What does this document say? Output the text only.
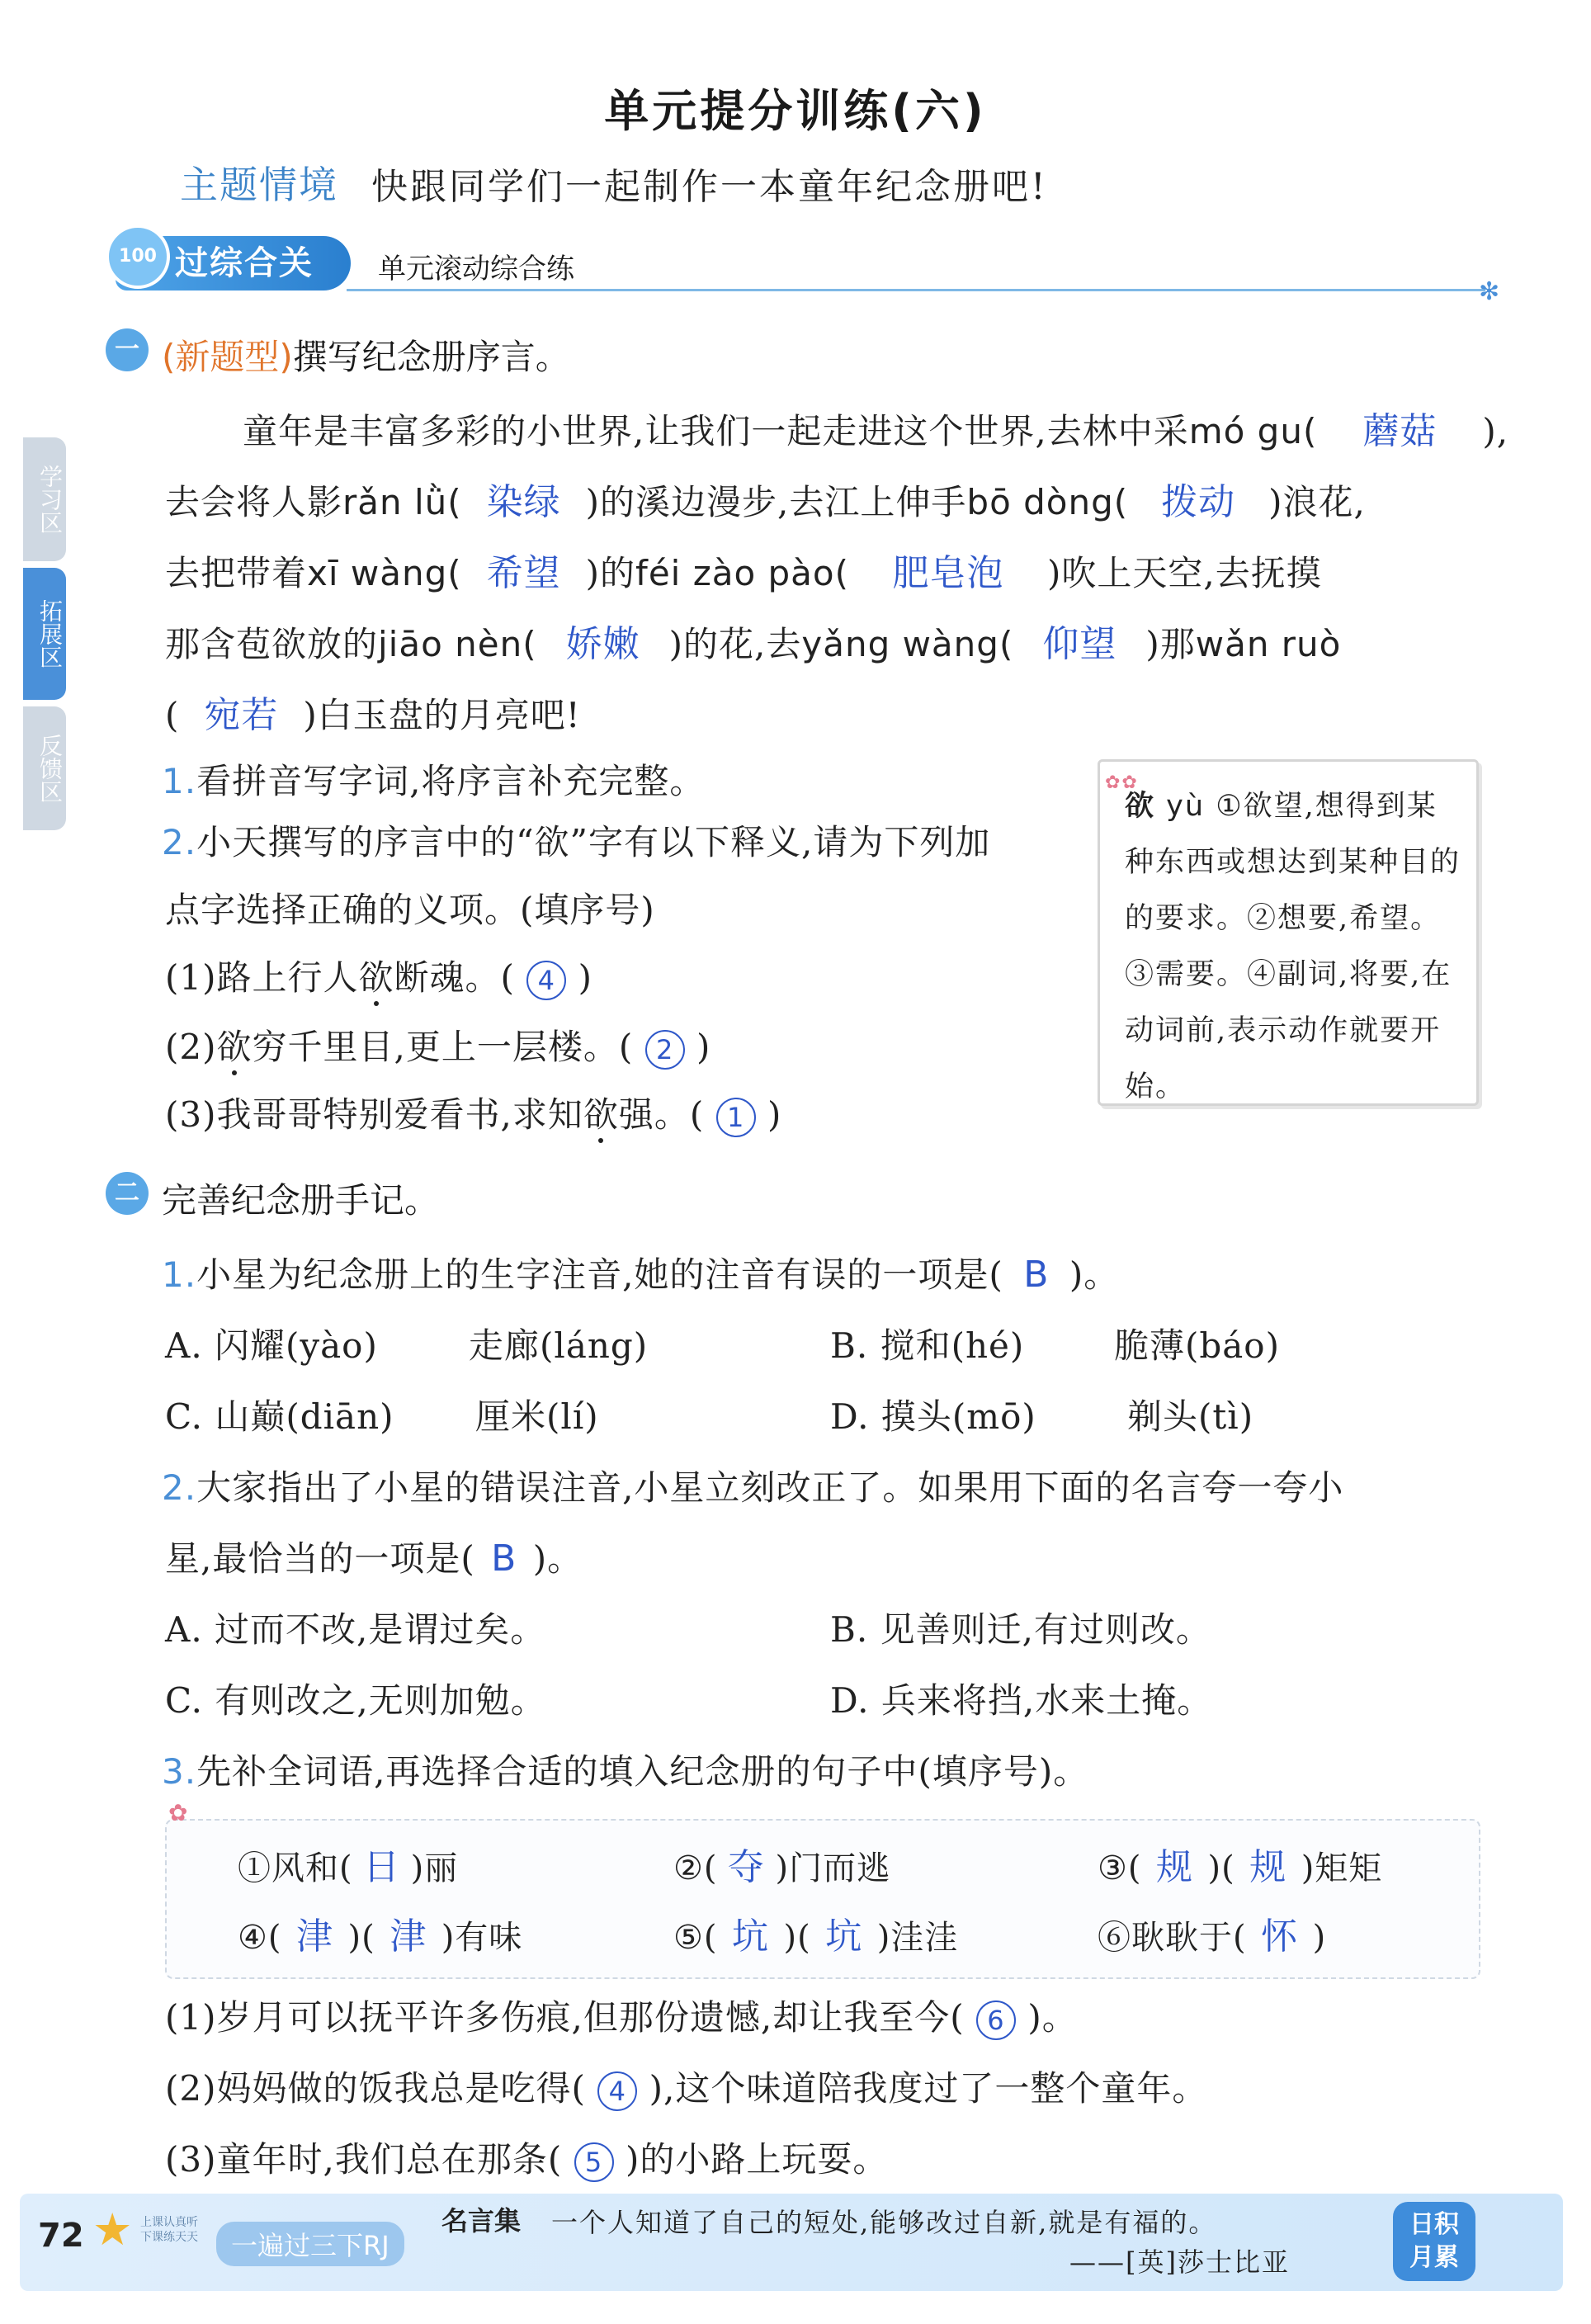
单元提分训练(六)
主题情境 快跟同学们一起制作一本童年纪念册吧!
过综合关
100	单元滚动综合练
✻
学习区
拓展区
反馈区
一 (新题型)撰写纪念册序言。
童年是丰富多彩的小世界,让我们一起走进这个世界,去林中采mó gu( 蘑菇 ),
去会将人影rǎn lǜ( 染绿 )的溪边漫步,去江上伸手bō dòng( 拨动 )浪花,
去把带着xī wàng( 希望 )的féi zào pào( 肥皂泡 )吹上天空,去抚摸
那含苞欲放的jiāo nèn( 娇嫩 )的花,去yǎng wàng( 仰望 )那wǎn ruò
( 宛若 )白玉盘的月亮吧!
1.看拼音写字词,将序言补充完整。
2.小天撰写的序言中的“欲”字有以下释义,请为下列加
点字选择正确的义项。(填序号)
(1)路上行人欲断魂。( 4 )
(2)欲穷千里目,更上一层楼。( 2 )
(3)我哥哥特别爱看书,求知欲强。( 1 )
✿✿
欲 yù ①欲望,想得到某种东西或想达到某种目的的要求。②想要,希望。③需要。④副词,将要,在动词前,表示动作就要开始。
二 完善纪念册手记。
1.小星为纪念册上的生字注音,她的注音有误的一项是( B )。
A. 闪耀(yào)	走廊(láng)	B. 搅和(hé)	脆薄(báo)
C. 山巅(diān) 厘米(lí)	D. 摸头(mō)	剃头(tì)
2.大家指出了小星的错误注音,小星立刻改正了。如果用下面的名言夸一夸小
星,最恰当的一项是( B )。
A. 过而不改,是谓过矣。	B. 见善则迁,有过则改。
C. 有则改之,无则加勉。	D. 兵来将挡,水来土掩。
3.先补全词语,再选择合适的填入纪念册的句子中(填序号)。
✿
①风和( 日 )丽	②( 夺 )门而逃	③( 规 )( 规 )矩矩
④( 津 )( 津 )有味	⑤( 坑 )( 坑 )洼洼	⑥耿耿于( 怀 )
(1)岁月可以抚平许多伤痕,但那份遗憾,却让我至今( 6 )。
(2)妈妈做的饭我总是吃得( 4 ),这个味道陪我度过了一整个童年。
(3)童年时,我们总在那条( 5 )的小路上玩耍。
72 ★ 上课认真听
下课练天天	一遍过三下RJ
名言集 一个人知道了自己的短处,能够改过自新,就是有福的。
——[英]莎士比亚
日积
月累
